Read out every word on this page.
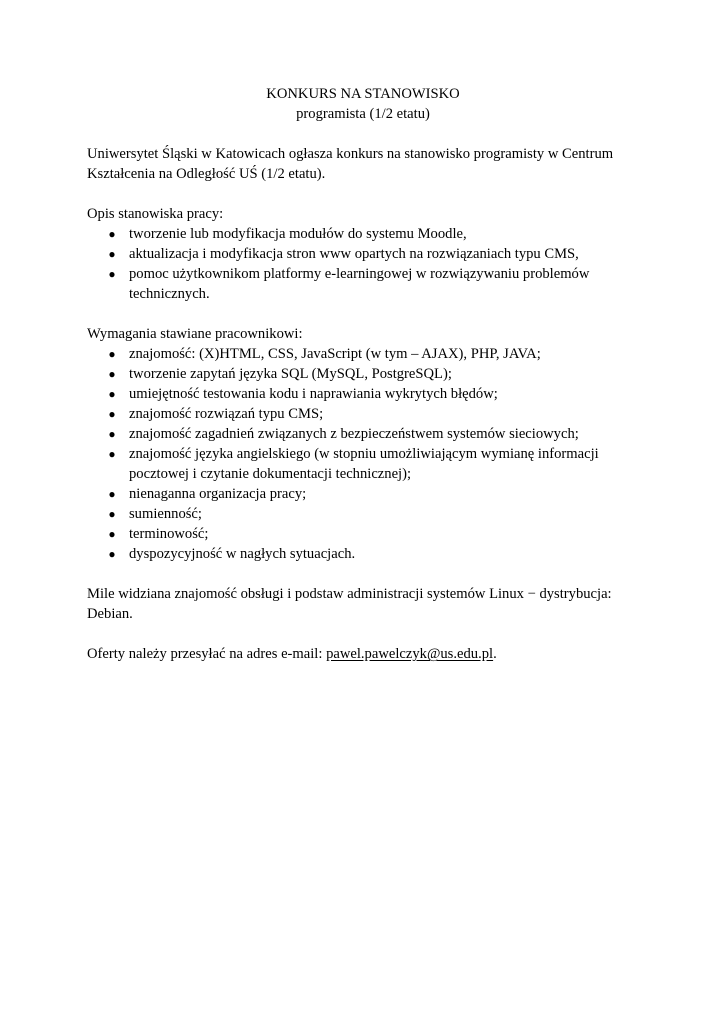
KONKURS NA STANOWISKO
programista (1/2 etatu)

Uniwersytet Śląski w Katowicach ogłasza konkurs na stanowisko programisty w Centrum Kształcenia na Odległość UŚ (1/2 etatu).

Opis stanowiska pracy:

● tworzenie lub modyfikacja modułów do systemu Moodle,
● aktualizacja i modyfikacja stron www opartych na rozwiązaniach typu CMS,
● pomoc użytkownikom platformy e-learningowej w rozwiązywaniu problemów technicznych.

Wymagania stawiane pracownikowi:

● znajomość: (X)HTML, CSS, JavaScript (w tym – AJAX), PHP, JAVA;
● tworzenie zapytań języka SQL (MySQL, PostgreSQL);
● umiejętność testowania kodu i naprawiania wykrytych błędów;
● znajomość rozwiązań typu CMS;
● znajomość zagadnień związanych z bezpieczeństwem systemów sieciowych;
● znajomość języka angielskiego (w stopniu umożliwiającym wymianę informacji pocztowej i czytanie dokumentacji technicznej);
● nienaganna organizacja pracy;
● sumienność;
● terminowość;
● dyspozycyjność w nagłych sytuacjach.

Mile widziana znajomość obsługi i podstaw administracji systemów Linux − dystrybucja: Debian.

Oferty należy przesyłać na adres e-mail: pawel.pawelczyk@us.edu.pl.
